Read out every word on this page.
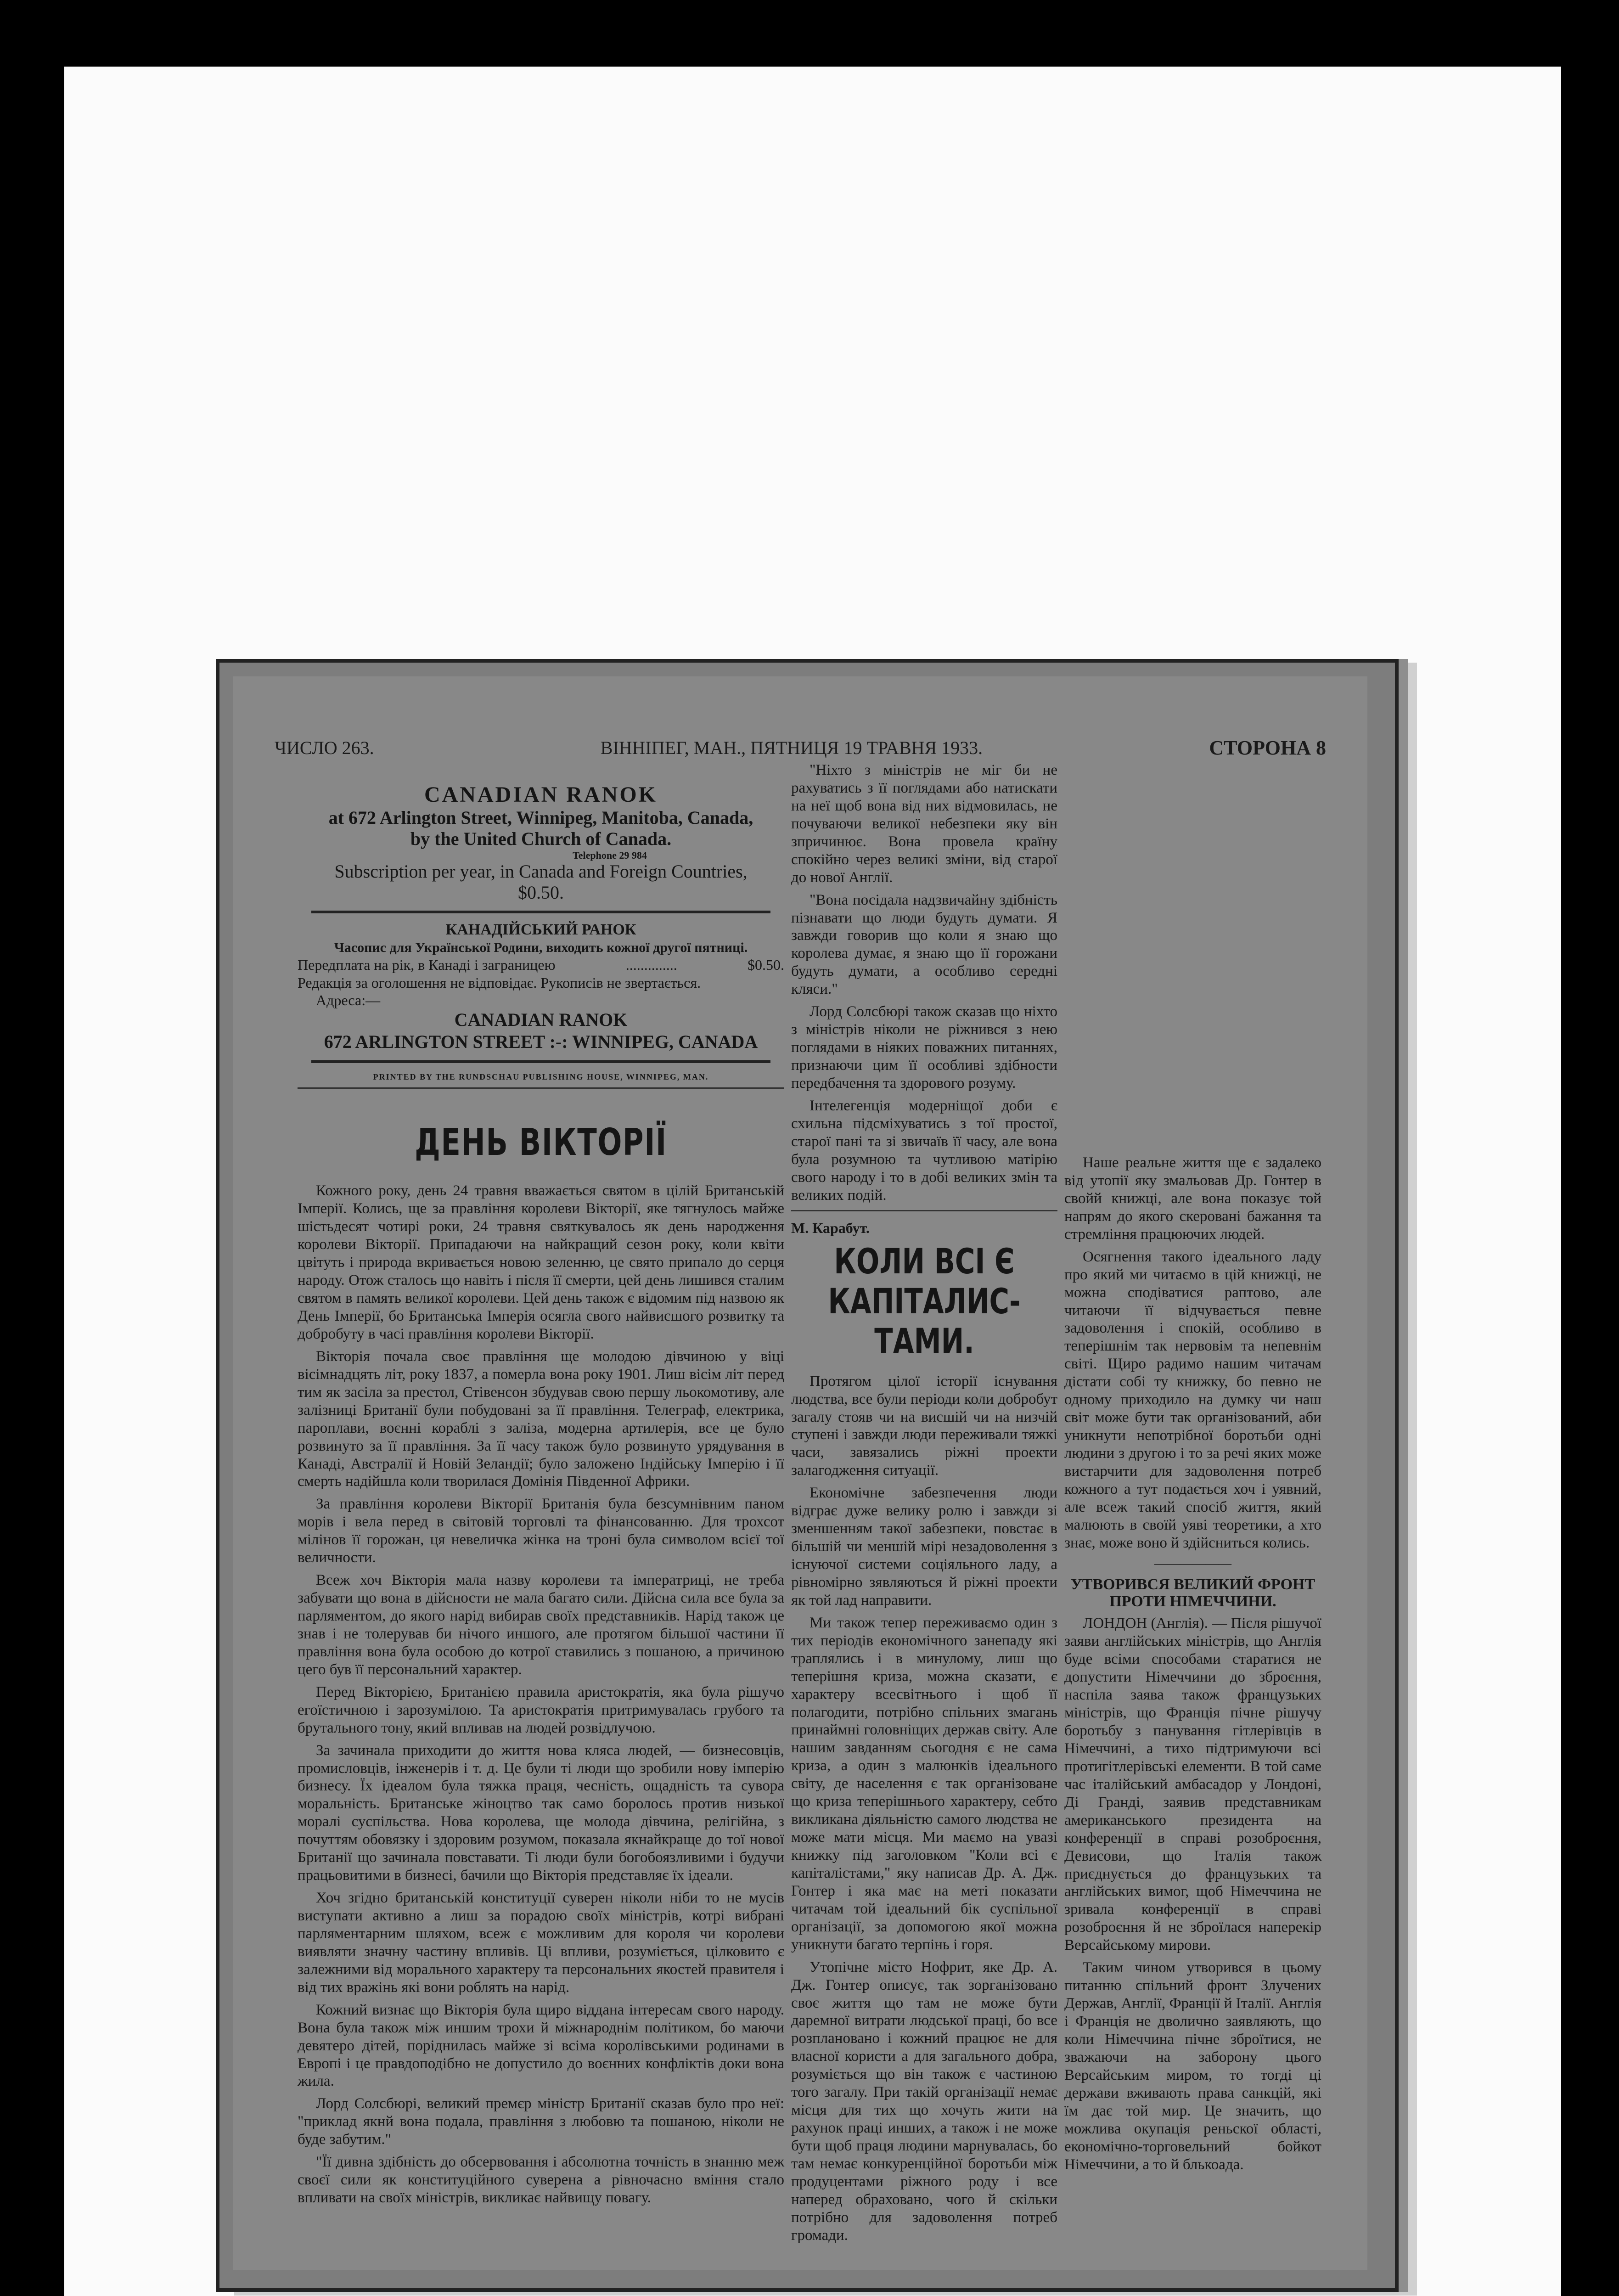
ЧИСЛО 263.	ВІННІПЕГ, МАН., ПЯТНИЦЯ 19 ТРАВНЯ 1933.	СТОРОНА 8
CANADIAN RANOK
at 672 Arlington Street, Winnipeg, Manitoba, Canada,
by the United Church of Canada.
Telephone 29 984
Subscription per year, in Canada and Foreign Countries,
$0.50.
КАНАДІЙСЬКИЙ РАНОК
Часопис для Української Родини, виходить кожної другої пятниці.
Передплата на рік, в Канаді і заграницею	..............	$0.50.
Редакція за оголошення не відповідає. Рукописів не звертається.
Адреса:—
CANADIAN RANOK
672 ARLINGTON STREET :-: WINNIPEG, CANADA
PRINTED BY THE RUNDSCHAU PUBLISHING HOUSE, WINNIPEG, MAN.
ДЕНЬ ВІКТОРІЇ

Кожного року, день 24 травня вважається святом в цілій Британській Імперії. Колись, ще за правління королеви Вікторії, яке тягнулось майже шістьдесят чотирі роки, 24 травня святкувалось як день народження королеви Вікторії. Припадаючи на найкращий сезон року, коли квіти цвітуть і природа вкривається новою зеленню, це свято припало до серця народу. Отож сталось що навіть і після її смерти, цей день лишився сталим святом в память великої королеви. Цей день також є відомим під назвою як День Імперії, бо Британська Імперія осягла свого найвисшого розвитку та добробуту в часі правління королеви Вікторії.

Вікторія почала своє правління ще молодою дівчиною у віці вісімнадцять літ, року 1837, а померла вона року 1901. Лиш вісім літ перед тим як засіла за престол, Стівенсон збудував свою першу льокомотиву, але залізниці Британії були побудовані за її правління. Телеграф, електрика, пароплави, воєнні кораблі з заліза, модерна артилерія, все це було розвинуто за її правління. За її часу також було розвинуто урядування в Канаді, Австралії й Новій Зеландії; було заложено Індійську Імперію і її смерть надійшла коли творилася Домінія Південної Африки.

За правління королеви Вікторії Британія була безсумнівним паном морів і вела перед в світовій торговлі та фінансованню. Для трохсот мілінов її горожан, ця невеличка жінка на троні була символом всієї тої величности.

Всеж хоч Вікторія мала назву королеви та імператриці, не треба забувати що вона в дійсности не мала багато сили. Дійсна сила все була за парляментом, до якого нарід вибирав своїх представників. Нарід також це знав і не толерував би нічого иншого, але протягом більшої частини її правління вона була особою до котрої ставились з пошаною, а причиною цего був її персональний характер.

Перед Вікторією, Британією правила аристократія, яка була рішучо егоїстичною і зарозумілою. Та аристократія притримувалась грубого та брутального тону, який впливав на людей розвідлучою.

За зачинала приходити до життя нова кляса людей, — бизнесовців, промисловців, інженерів і т. д. Це були ті люди що зробили нову імперію бизнесу. Їх ідеалом була тяжка праця, чесність, ощадність та сувора моральність. Британське жіноцтво так само боролось против низької моралі суспільства. Нова королева, ще молода дівчина, релігійна, з почуттям обовязку і здоровим розумом, показала якнайкраще до тої нової Британії що зачинала повставати. Ті люди були богобоязливими і будучи працьовитими в бизнесі, бачили що Вікторія представляє їх ідеали.

Хоч згідно британській конституції суверен ніколи ніби то не мусів виступати активно а лиш за порадою своїх міністрів, котрі вибрані парляментарним шляхом, всеж є можливим для короля чи королеви виявляти значну частину впливів. Ці впливи, розуміється, цілковито є залежними від морального характеру та персональних якостей правителя і від тих вражінь які вони роблять на нарід.

Кожний визнає що Вікторія була щиро віддана інтересам свого народу. Вона була також між иншим трохи й міжнароднім політиком, бо маючи девятеро дітей, поріднилась майже зі всіма королівськими родинами в Европі і це правдоподібно не допустило до воєнних конфліктів доки вона жила.

Лорд Солсбюрі, великий премєр міністр Британії сказав було про неї: "приклад якнй вона подала, правління з любовю та пошаною, ніколи не буде забутим."

"Її дивна здібність до обсервовання і абсолютна точність в знанню меж своєї сили як конституційного суверена а рівночасно вміння стало впливати на своїх міністрів, викликає найвищу повагу.

"Ніхто з міністрів не міг би не рахуватись з її поглядами або натискати на неї щоб вона від них відмовилась, не почуваючи великої небезпеки яку він зпричинює. Вона провела країну спокійно через великі зміни, від старої до нової Англії.

"Вона посідала надзвичайну здібність пізнавати що люди будуть думати. Я завжди говорив що коли я знаю що королева думає, я знаю що її горожани будуть думати, а особливо середні кляси."

Лорд Солсбюрі також сказав що ніхто з міністрів ніколи не ріжнився з нею поглядами в ніяких поважних питаннях, признаючи цим її особливі здібности передбачення та здорового розуму.

Інтелегенція модерніщої доби є схильна підсміхуватись з тої простої, старої пані та зі звичаїв її часу, але вона була розумною та чутливою матірію свого народу і то в добі великих змін та великих подій.

М. Карабут.
КОЛИ ВСІ Є КАПІТАЛИС-
ТАМИ.

Протягом цілої історії існування людства, все були періоди коли добробут загалу стояв чи на висшій чи на низчій ступені і завжди люди переживали тяжкі часи, завязались ріжні проекти залагодження ситуації.

Економічне забезпечення люди відграє дуже велику ролю і завжди зі зменшенням такої забезпеки, повстає в більшій чи меншій мірі незадоволення з існуючої системи соціяльного ладу, а рівномірно зявляються й ріжні проекти як той лад направити.

Ми також тепер переживаємо один з тих періодів економічного занепаду які траплялись і в минулому, лиш що теперішня криза, можна сказати, є характеру всесвітнього і щоб її полагодити, потрібно спільних змагань принаймні головніщих держав світу. Але нашим завданням сьогодня є не сама криза, а один з малюнків ідеального світу, де населення є так організоване що криза теперішнього характеру, себто викликана діяльністю самого людства не може мати місця. Ми маємо на увазі книжку під заголовком "Коли всі є капіталістами," яку написав Др. А. Дж. Гонтер і яка має на меті показати читачам той ідеальний бік суспільної організації, за допомогою якої можна уникнути багато терпінь і горя.

Утопічне місто Нофрит, яке Др. А. Дж. Гонтер описує, так зорганізовано своє життя що там не може бути даремної витрати людської праці, бо все розплановано і кожний працює не для власної користи а для загального добра, розуміється що він також є частиною того загалу. При такій організації немає місця для тих що хочуть жити на рахунок праці инших, а також і не може бути щоб праця людини марнувалась, бо там немає конкуренційної боротьби між продуцентами ріжного роду і все наперед обраховано, чого й скільки потрібно для задоволення потреб громади.

Наше реальне життя ще є задалеко від утопії яку змальовав Др. Гонтер в свойй книжці, але вона показує той напрям до якого скеровані бажання та стремління працюючих людей.

Осягнення такого ідеального ладу про який ми читаємо в цій книжці, не можна сподіватися раптово, але читаючи її відчувається певне задоволення і спокій, особливо в теперішнім так нервовім та непевнім світі. Щиро радимо нашим читачам дістати собі ту книжку, бо певно не одному приходило на думку чи наш світ може бути так організований, аби уникнути непотрібної боротьби одні людини з другою і то за речі яких може вистарчити для задоволення потреб кожного а тут подається хоч і уявний, але всеж такий спосіб життя, який малюють в своїй уяві теоретики, а хто знає, може воно й здійсниться колись.

——————
УТВОРИВСЯ ВЕЛИКИЙ ФРОНТ ПРОТИ НІМЕЧЧИНИ.

ЛОНДОН (Англія). — Після рішучої заяви англійських міністрів, що Англія буде всіми способами старатися не допустити Німеччини до зброєння, наспіла заява також французьких міністрів, що Франція пічне рішучу боротьбу з панування гітлерівців в Німеччині, а тихо підтримуючи всі протигітлерівські елементи. В той саме час італійський амбасадор у Лондоні, Ді Гранді, заявив представникам американського президента на конференції в справі розоброєння, Девисови, що Італія також приєднується до французьких та англійських вимог, щоб Німеччина не зривала конференції в справі розоброєння й не зброїлася наперекір Версайському мирови.

Таким чином утворився в цьому питанню спільний фронт Злучених Держав, Англії, Франції й Італії. Англія і Франція не дволично заявляють, що коли Німеччина пічне зброїтися, не зважаючи на заборону цього Версайським миром, то тогді ці держави вживають права санкцій, які їм дає той мир. Це значить, що можлива окупація реньскої області, економічно-торговельний бойкот Німеччини, а то й блькоада.
